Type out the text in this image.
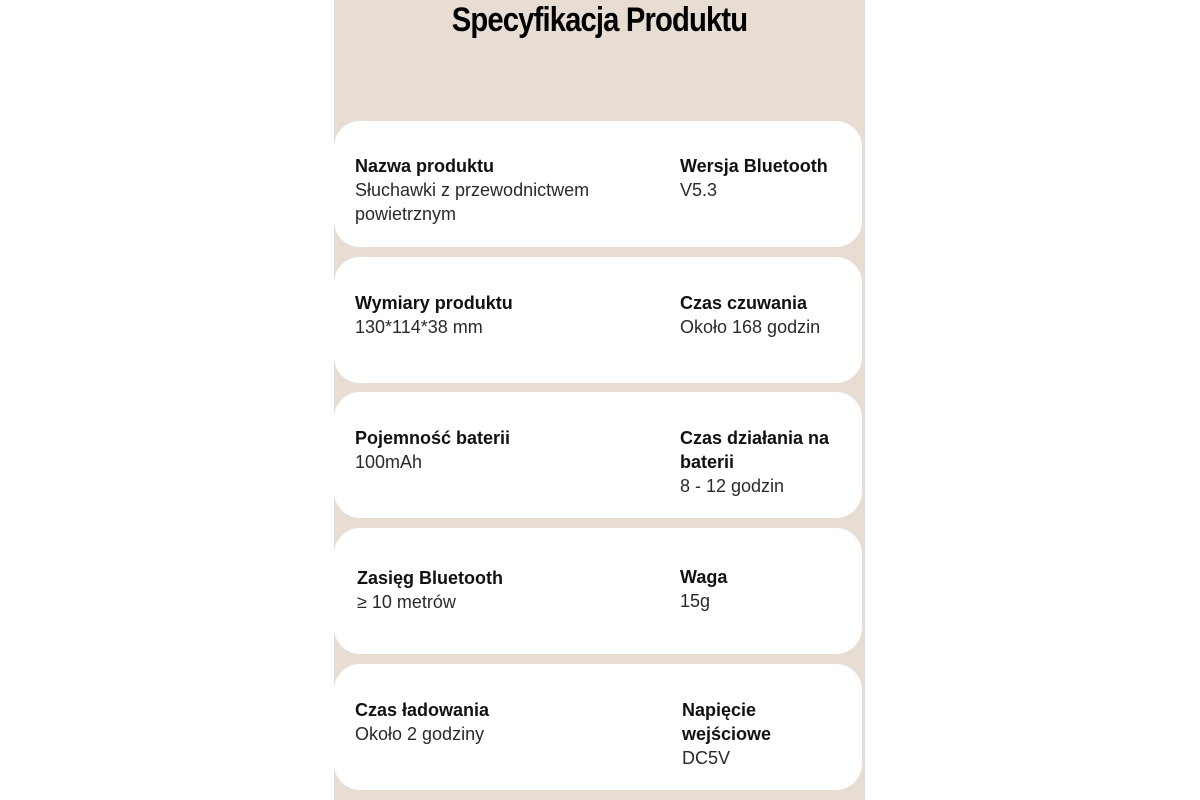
Specyfikacja Produktu
Nazwa produktu
Słuchawki z przewodnictwem powietrznym
Wersja Bluetooth
V5.3
Wymiary produktu
130*114*38 mm
Czas czuwania
Około 168 godzin
Pojemność baterii
100mAh
Czas działania na baterii
8 - 12 godzin
Zasięg Bluetooth
≥ 10 metrów
Waga
15g
Czas ładowania
Około 2 godziny
Napięcie wejściowe
DC5V
